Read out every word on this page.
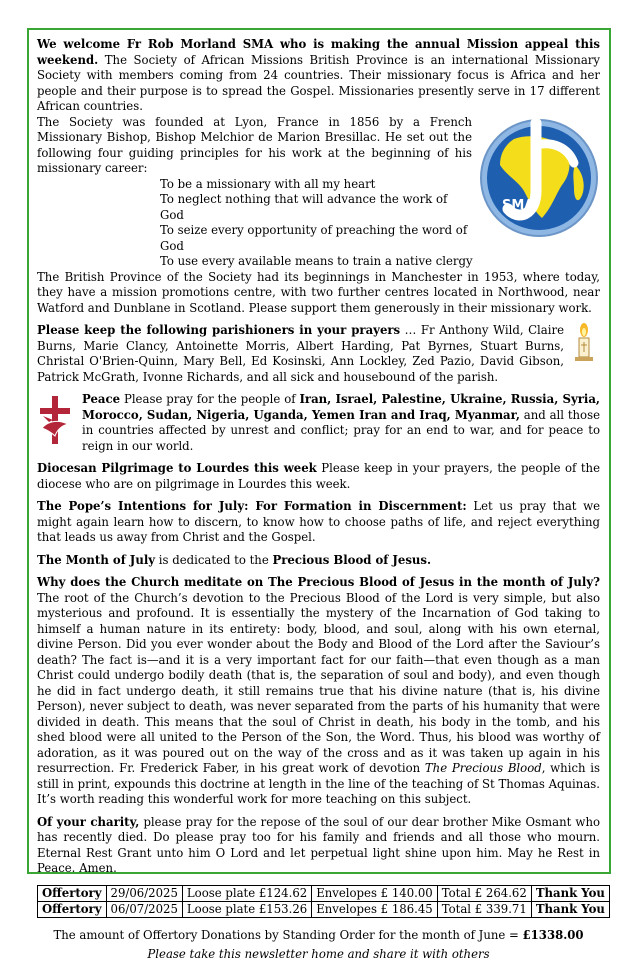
We welcome Fr Rob Morland SMA who is making the annual Mission appeal this weekend. The Society of African Missions British Province is an international Missionary Society with members coming from 24 countries. Their missionary focus is Africa and her people and their purpose is to spread the Gospel. Missionaries presently serve in 17 different African countries.

SMA

The Society was founded at Lyon, France in 1856 by a French Missionary Bishop, Bishop Melchior de Marion Bresillac. He set out the following four guiding principles for his work at the beginning of his missionary career:

To be a missionary with all my heart
To neglect nothing that will advance the work of God
To seize every opportunity of preaching the word of God
To use every available means to train a native clergy

The British Province of the Society had its beginnings in Manchester in 1953, where today, they have a mission promotions centre, with two further centres located in Northwood, near Watford and Dunblane in Scotland. Please support them generously in their missionary work.

Please keep the following parishioners in your prayers … Fr Anthony Wild, Claire Burns, Marie Clancy, Antoinette Morris, Albert Harding, Pat Byrnes, Stuart Burns, Christal O'Brien-Quinn, Mary Bell, Ed Kosinski, Ann Lockley, Zed Pazio, David Gibson, Patrick McGrath, Ivonne Richards, and all sick and housebound of the parish.

Peace Please pray for the people of Iran, Israel, Palestine, Ukraine, Russia, Syria, Morocco, Sudan, Nigeria, Uganda, Yemen Iran and Iraq, Myanmar, and all those in countries affected by unrest and conflict; pray for an end to war, and for peace to reign in our world.

Diocesan Pilgrimage to Lourdes this week Please keep in your prayers, the people of the diocese who are on pilgrimage in Lourdes this week.

The Pope’s Intentions for July: For Formation in Discernment: Let us pray that we might again learn how to discern, to know how to choose paths of life, and reject everything that leads us away from Christ and the Gospel.

The Month of July is dedicated to the Precious Blood of Jesus.

Why does the Church meditate on The Precious Blood of Jesus in the month of July? The root of the Church’s devotion to the Precious Blood of the Lord is very simple, but also mysterious and profound. It is essentially the mystery of the Incarnation of God taking to himself a human nature in its entirety: body, blood, and soul, along with his own eternal, divine Person. Did you ever wonder about the Body and Blood of the Lord after the Saviour’s death? The fact is—and it is a very important fact for our faith—that even though as a man Christ could undergo bodily death (that is, the separation of soul and body), and even though he did in fact undergo death, it still remains true that his divine nature (that is, his divine Person), never subject to death, was never separated from the parts of his humanity that were divided in death. This means that the soul of Christ in death, his body in the tomb, and his shed blood were all united to the Person of the Son, the Word. Thus, his blood was worthy of adoration, as it was poured out on the way of the cross and as it was taken up again in his resurrection. Fr. Frederick Faber, in his great work of devotion The Precious Blood, which is still in print, expounds this doctrine at length in the line of the teaching of St Thomas Aquinas. It’s worth reading this wonderful work for more teaching on this subject.

Of your charity, please pray for the repose of the soul of our dear brother Mike Osmant who has recently died. Do please pray too for his family and friends and all those who mourn. Eternal Rest Grant unto him O Lord and let perpetual light shine upon him. May he Rest in Peace. Amen.

Offertory	29/06/2025	Loose plate £124.62	Envelopes £ 140.00	Total £ 264.62	Thank You
Offertory	06/07/2025	Loose plate £153.26	Envelopes £ 186.45	Total £ 339.71	Thank You

The amount of Offertory Donations by Standing Order for the month of June = £1338.00

Please take this newsletter home and share it with others
